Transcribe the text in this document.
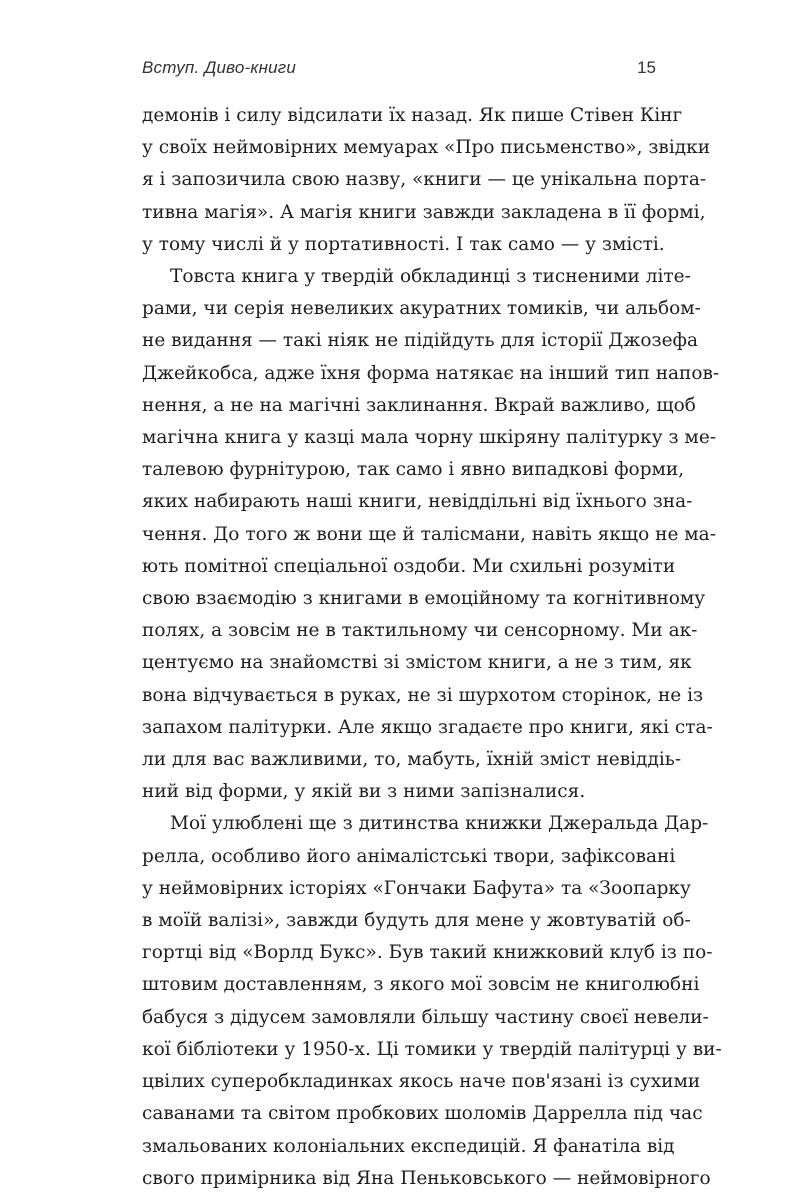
Вступ. Диво-книги	15
демонів і силу відсилати їх назад. Як пише Стівен Кінг
у своїх неймовірних мемуарах «Про письменство», звідки
я і запозичила свою назву, «книги — це унікальна порта-
тивна магія». А магія книги завжди закладена в її формі,
у тому числі й у портативності. І так само — у змісті.
Товста книга у твердій обкладинці з тисненими літе-
рами, чи серія невеликих акуратних томиків, чи альбом-
не видання — такі ніяк не підійдуть для історії Джозефа
Джейкобса, адже їхня форма натякає на інший тип напов-
нення, а не на магічні заклинання. Вкрай важливо, щоб
магічна книга у казці мала чорну шкіряну палітурку з ме-
талевою фурнітурою, так само і явно випадкові форми,
яких набирають наші книги, невіддільні від їхнього зна-
чення. До того ж вони ще й талісмани, навіть якщо не ма-
ють помітної спеціальної оздоби. Ми схильні розуміти
свою взаємодію з книгами в емоційному та когнітивному
полях, а зовсім не в тактильному чи сенсорному. Ми ак-
центуємо на знайомстві зі змістом книги, а не з тим, як
вона відчувається в руках, не зі шурхотом сторінок, не із
запахом палітурки. Але якщо згадаєте про книги, які ста-
ли для вас важливими, то, мабуть, їхній зміст невіддіь-
ний від форми, у якій ви з ними запізналися.
Мої улюблені ще з дитинства книжки Джеральда Дар-
релла, особливо його анімалістські твори, зафіксовані
у неймовірних історіях «Гончаки Бафута» та «Зоопарку
в моїй валізі», завжди будуть для мене у жовтуватій об-
гортці від «Ворлд Букс». Був такий книжковий клуб із по-
штовим доставленням, з якого мої зовсім не книголюбні
бабуся з дідусем замовляли більшу частину своєї невели-
кої бібліотеки у 1950-х. Ці томики у твердій палітурці у ви-
цвілих суперобкладинках якось наче пов'язані із сухими
саванами та світом пробкових шоломів Даррелла під час
змальованих колоніальних експедицій. Я фанатіла від
свого примірника від Яна Пеньковського — неймовірного
